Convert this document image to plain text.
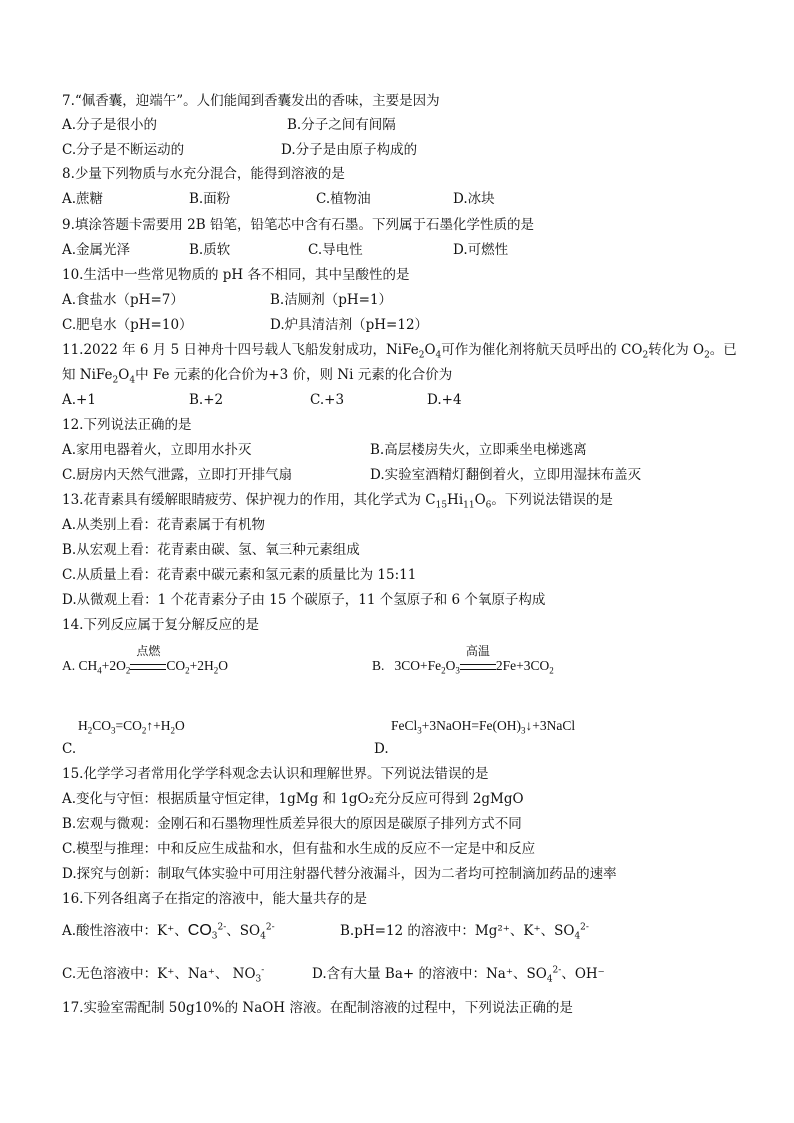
7.“佩香囊，迎端午”。人们能闻到香囊发出的香味，主要是因为
A.分子是很小的	B.分子之间有间隔
C.分子是不断运动的	D.分子是由原子构成的
8.少量下列物质与水充分混合，能得到溶液的是
A.蔗糖	B.面粉	C.植物油	D.冰块
9.填涂答题卡需要用 2B 铅笔，铅笔芯中含有石墨。下列属于石墨化学性质的是
A.金属光泽	B.质软	C.导电性	D.可燃性
10.生活中一些常见物质的 pH 各不相同，其中呈酸性的是
A.食盐水（pH=7）	B.洁厕剂（pH=1）
C.肥皂水（pH=10）	D.炉具清洁剂（pH=12）
11.2022 年 6 月 5 日神舟十四号载人飞船发射成功，$NiFe_2O_4$可作为催化剂将航天员呼出的 $CO_2$转化为 $O_2$。已
知 $NiFe_2O_4$中 Fe 元素的化合价为+3 价，则 Ni 元素的化合价为
A.+1	B.+2	C.+3	D.+4
12.下列说法正确的是
A.家用电器着火，立即用水扑灭	B.高层楼房失火，立即乘坐电梯逃离
C.厨房内天然气泄露，立即打开排气扇	D.实验室酒精灯翻倒着火，立即用湿抹布盖灭
13.花青素具有缓解眼睛疲劳、保护视力的作用，其化学式为 $C_{15}Hi_{11}O_6$。下列说法错误的是
A.从类别上看：花青素属于有机物
B.从宏观上看：花青素由碳、氢、氧三种元素组成
C.从质量上看：花青素中碳元素和氢元素的质量比为 15:11
D.从微观上看：1 个花青素分子由 15 个碳原子，11 个氢原子和 6 个氧原子构成
14.下列反应属于复分解反应的是
A. $CH_4+2O_2$
点燃
$CO_2+2H_2O$	B.   $3CO+Fe_2O_3$
高温
$2Fe+3CO_2$
$H_2CO_3=CO_2↑+H_2O$
C.
$FeCl_3+3NaOH=Fe(OH)_3↓+3NaCl$
D.
15.化学学习者常用化学学科观念去认识和理解世界。下列说法错误的是
A.变化与守恒：根据质量守恒定律，1gMg 和 1gO₂充分反应可得到 2gMgO
B.宏观与微观：金刚石和石墨物理性质差异很大的原因是碳原子排列方式不同
C.模型与推理：中和反应生成盐和水，但有盐和水生成的反应不一定是中和反应
D.探究与创新：制取气体实验中可用注射器代替分液漏斗，因为二者均可控制滴加药品的速率
16.下列各组离子在指定的溶液中，能大量共存的是
A.酸性溶液中：K⁺、$CO_3^{2-}$、$SO_4^{2-}$	B.pH=12 的溶液中：Mg²⁺、K⁺、$SO_4^{2-}$
C.无色溶液中：K⁺、Na⁺、 $NO_3^-$	D.含有大量 Ba+ 的溶液中：Na⁺、$SO_4^{2-}$、OH⁻
17.实验室需配制 50g10%的 NaOH 溶液。在配制溶液的过程中，下列说法正确的是
